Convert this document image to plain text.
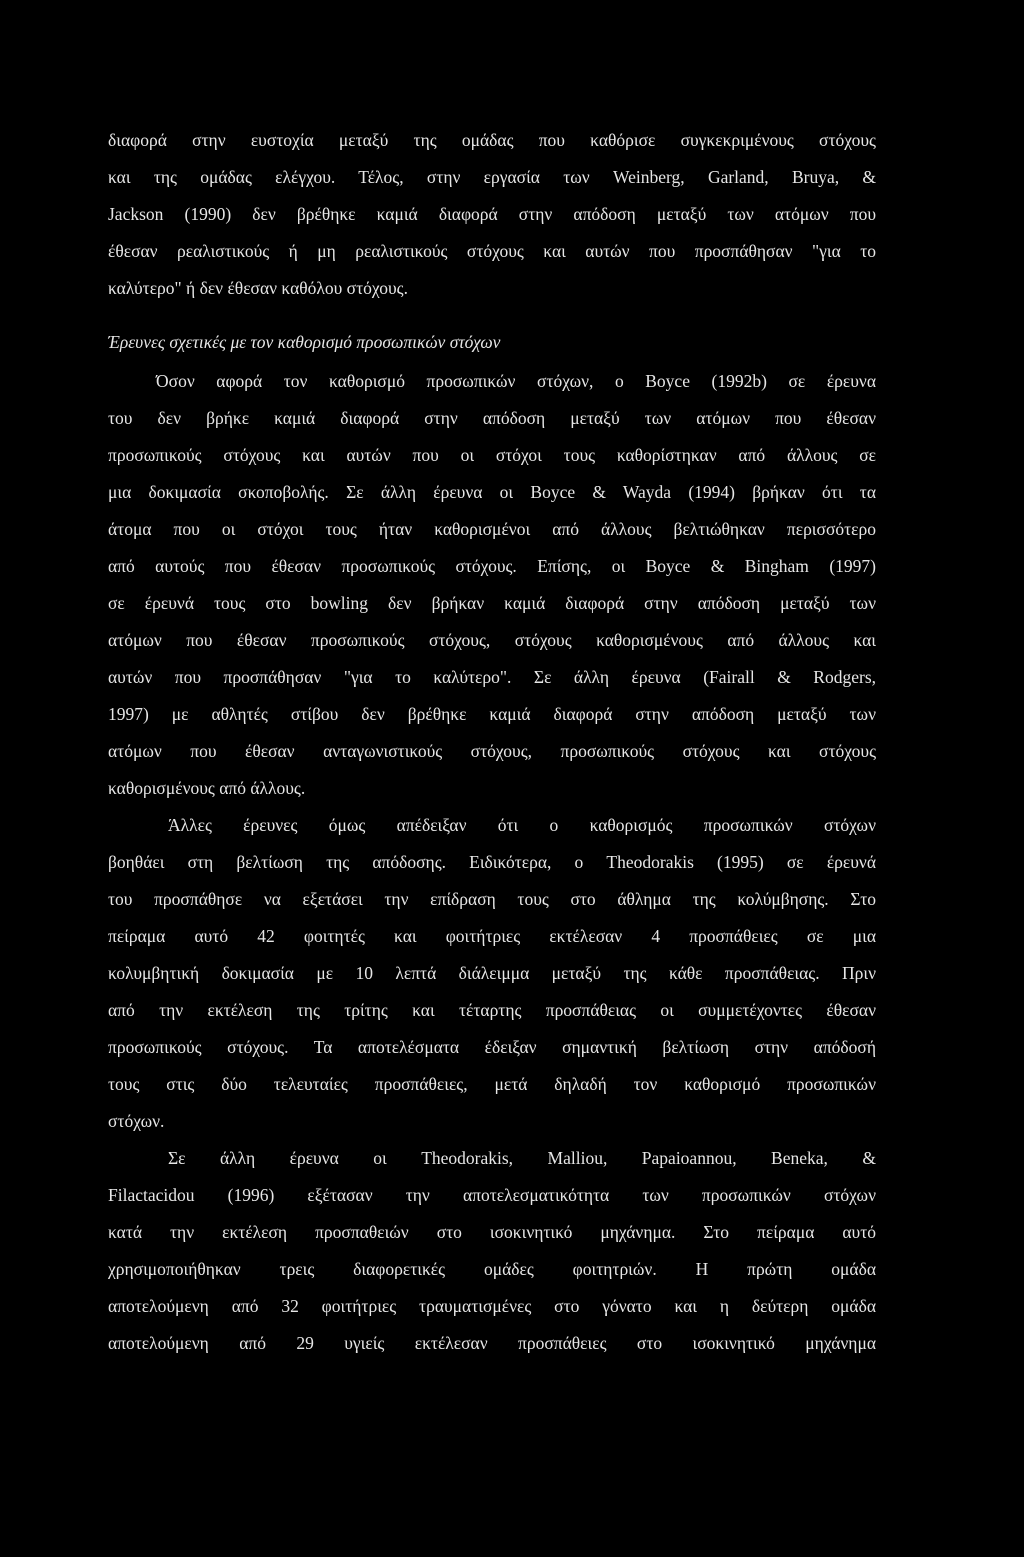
διαφορά στην ευστοχία μεταξύ της ομάδας που καθόρισε συγκεκριμένους στόχους
και της ομάδας ελέγχου. Τέλος, στην εργασία των Weinberg, Garland, Bruya, &
Jackson (1990) δεν βρέθηκε καμιά διαφορά στην απόδοση μεταξύ των ατόμων που
έθεσαν ρεαλιστικούς ή μη ρεαλιστικούς στόχους και αυτών που προσπάθησαν "για το
καλύτερο" ή δεν έθεσαν καθόλου στόχους.
Έρευνες σχετικές με τον καθορισμό προσωπικών στόχων
Όσον αφορά τον καθορισμό προσωπικών στόχων, ο Boyce (1992b) σε έρευνα
του δεν βρήκε καμιά διαφορά στην απόδοση μεταξύ των ατόμων που έθεσαν
προσωπικούς στόχους και αυτών που οι στόχοι τους καθορίστηκαν από άλλους σε
μια δοκιμασία σκοποβολής. Σε άλλη έρευνα οι Boyce & Wayda (1994) βρήκαν ότι τα
άτομα που οι στόχοι τους ήταν καθορισμένοι από άλλους βελτιώθηκαν περισσότερο
από αυτούς που έθεσαν προσωπικούς στόχους. Επίσης, οι Boyce & Bingham (1997)
σε έρευνά τους στο bowling δεν βρήκαν καμιά διαφορά στην απόδοση μεταξύ των
ατόμων που έθεσαν προσωπικούς στόχους, στόχους καθορισμένους από άλλους και
αυτών που προσπάθησαν "για το καλύτερο". Σε άλλη έρευνα (Fairall & Rodgers,
1997) με αθλητές στίβου δεν βρέθηκε καμιά διαφορά στην απόδοση μεταξύ των
ατόμων που έθεσαν ανταγωνιστικούς στόχους, προσωπικούς στόχους και στόχους
καθορισμένους από άλλους.
Άλλες έρευνες όμως απέδειξαν ότι ο καθορισμός προσωπικών στόχων
βοηθάει στη βελτίωση της απόδοσης. Ειδικότερα, ο Theodorakis (1995) σε έρευνά
του προσπάθησε να εξετάσει την επίδραση τους στο άθλημα της κολύμβησης. Στο
πείραμα αυτό 42 φοιτητές και φοιτήτριες εκτέλεσαν 4 προσπάθειες σε μια
κολυμβητική δοκιμασία με 10 λεπτά διάλειμμα μεταξύ της κάθε προσπάθειας. Πριν
από την εκτέλεση της τρίτης και τέταρτης προσπάθειας οι συμμετέχοντες έθεσαν
προσωπικούς στόχους. Τα αποτελέσματα έδειξαν σημαντική βελτίωση στην απόδοσή
τους στις δύο τελευταίες προσπάθειες, μετά δηλαδή τον καθορισμό προσωπικών
στόχων.
Σε άλλη έρευνα οι Theodorakis, Malliou, Papaioannou, Beneka, &
Filactacidou (1996) εξέτασαν την αποτελεσματικότητα των προσωπικών στόχων
κατά την εκτέλεση προσπαθειών στο ισοκινητικό μηχάνημα. Στο πείραμα αυτό
χρησιμοποιήθηκαν τρεις διαφορετικές ομάδες φοιτητριών. Η πρώτη ομάδα
αποτελούμενη από 32 φοιτήτριες τραυματισμένες στο γόνατο και η δεύτερη ομάδα
αποτελούμενη από 29 υγιείς εκτέλεσαν προσπάθειες στο ισοκινητικό μηχάνημα
